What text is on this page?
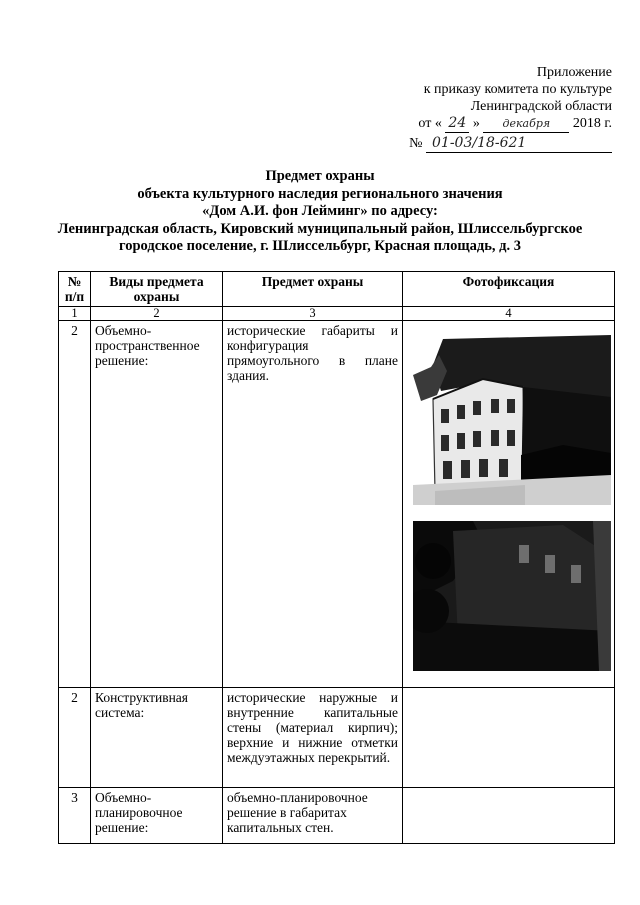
Приложение
к приказу комитета по культуре
Ленинградской области
от « 24 » декабря 2018 г.
№ 01-03/18-621
Предмет охраны
объекта культурного наследия регионального значения
«Дом А.И. фон Лейминг» по адресу:
Ленинградская область, Кировский муниципальный район, Шлиссельбургское
городское поселение, г. Шлиссельбург, Красная площадь, д. 3
№ п/п	Виды предмета охраны	Предмет охраны	Фотофиксация
1	2	3	4
2	Объемно-пространственное решение:	исторические габариты и конфигурация прямоугольного в плане здания.	

2	Конструктивная система:	исторические наружные и внутренние капитальные стены (материал кирпич); верхние и нижние отметки междуэтажных перекрытий.	
3	Объемно-планировочное решение:	объемно-планировочное решение в габаритах капитальных стен.	
